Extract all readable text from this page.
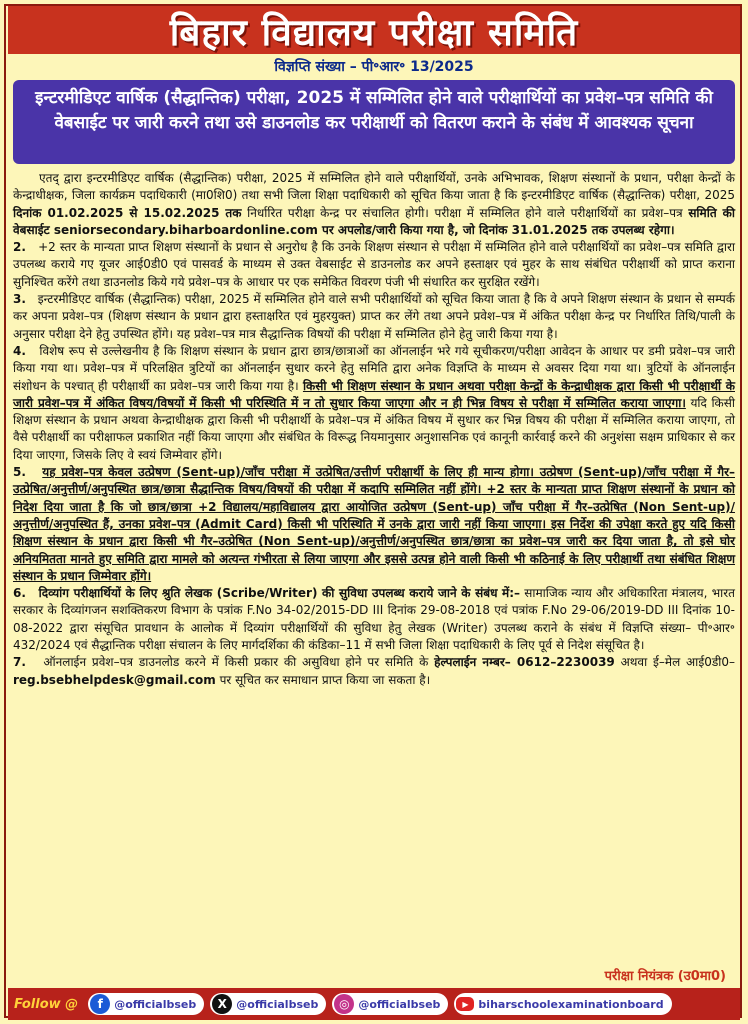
बिहार विद्यालय परीक्षा समिति
विज्ञप्ति संख्या – पी॰आर॰ 13/2025
इन्टरमीडिएट वार्षिक (सैद्धान्तिक) परीक्षा, 2025 में सम्मिलित होने वाले परीक्षार्थियों का प्रवेश–पत्र समिति की वेबसाईट पर जारी करने तथा उसे डाउनलोड कर परीक्षार्थी को वितरण कराने के संबंध में आवश्यक सूचना

एतद् द्वारा इन्टरमीडिएट वार्षिक (सैद्धान्तिक) परीक्षा, 2025 में सम्मिलित होने वाले परीक्षार्थियों, उनके अभिभावक, शिक्षण संस्थानों के प्रधान, परीक्षा केन्द्रों के केन्द्राधीक्षक, जिला कार्यक्रम पदाधिकारी (मा0शि0) तथा सभी जिला शिक्षा पदाधिकारी को सूचित किया जाता है कि इन्टरमीडिएट वार्षिक (सैद्धान्तिक) परीक्षा, 2025 दिनांक 01.02.2025 से 15.02.2025 तक निर्धारित परीक्षा केन्द्र पर संचालित होगी। परीक्षा में सम्मिलित होने वाले परीक्षार्थियों का प्रवेश–पत्र समिति की वेबसाईट seniorsecondary.biharboardonline.com पर अपलोड/जारी किया गया है, जो दिनांक 31.01.2025 तक उपलब्ध रहेगा।

2. +2 स्तर के मान्यता प्राप्त शिक्षण संस्थानों के प्रधान से अनुरोध है कि उनके शिक्षण संस्थान से परीक्षा में सम्मिलित होने वाले परीक्षार्थियों का प्रवेश–पत्र समिति द्वारा उपलब्ध कराये गए यूजर आई0डी0 एवं पासवर्ड के माध्यम से उक्त वेबसाईट से डाउनलोड कर अपने हस्ताक्षर एवं मुहर के साथ संबंधित परीक्षार्थी को प्राप्त कराना सुनिश्चित करेंगे तथा डाउनलोड किये गये प्रवेश–पत्र के आधार पर एक समेकित विवरण पंजी भी संधारित कर सुरक्षित रखेंगे।

3. इन्टरमीडिएट वार्षिक (सैद्धान्तिक) परीक्षा, 2025 में सम्मिलित होने वाले सभी परीक्षार्थियों को सूचित किया जाता है कि वे अपने शिक्षण संस्थान के प्रधान से सम्पर्क कर अपना प्रवेश–पत्र (शिक्षण संस्थान के प्रधान द्वारा हस्ताक्षरित एवं मुहरयुक्त) प्राप्त कर लेंगे तथा अपने प्रवेश–पत्र में अंकित परीक्षा केन्द्र पर निर्धारित तिथि/पाली के अनुसार परीक्षा देने हेतु उपस्थित होंगे। यह प्रवेश–पत्र मात्र सैद्धान्तिक विषयों की परीक्षा में सम्मिलित होने हेतु जारी किया गया है।

4. विशेष रूप से उल्लेखनीय है कि शिक्षण संस्थान के प्रधान द्वारा छात्र/छात्राओं का ऑनलाईन भरे गये सूचीकरण/परीक्षा आवेदन के आधार पर डमी प्रवेश–पत्र जारी किया गया था। प्रवेश–पत्र में परिलक्षित त्रुटियों का ऑनलाईन सुधार करने हेतु समिति द्वारा अनेक विज्ञप्ति के माध्यम से अवसर दिया गया था। त्रुटियों के ऑनलाईन संशोधन के पश्चात् ही परीक्षार्थी का प्रवेश–पत्र जारी किया गया है। किसी भी शिक्षण संस्थान के प्रधान अथवा परीक्षा केन्द्रों के केन्द्राधीक्षक द्वारा किसी भी परीक्षार्थी के जारी प्रवेश–पत्र में अंकित विषय/विषयों में किसी भी परिस्थिति में न तो सुधार किया जाएगा और न ही भिन्न विषय से परीक्षा में सम्मिलित कराया जाएगा। यदि किसी शिक्षण संस्थान के प्रधान अथवा केन्द्राधीक्षक द्वारा किसी भी परीक्षार्थी के प्रवेश–पत्र में अंकित विषय में सुधार कर भिन्न विषय की परीक्षा में सम्मिलित कराया जाएगा, तो वैसे परीक्षार्थी का परीक्षाफल प्रकाशित नहीं किया जाएगा और संबंधित के विरूद्ध नियमानुसार अनुशासनिक एवं कानूनी कार्रवाई करने की अनुशंसा सक्षम प्राधिकार से कर दिया जाएगा, जिसके लिए वे स्वयं जिम्मेवार होंगे।

5. यह प्रवेश–पत्र केवल उत्प्रेषण (Sent-up)/जाँच परीक्षा में उत्प्रेषित/उत्तीर्ण परीक्षार्थी के लिए ही मान्य होगा। उत्प्रेषण (Sent-up)/जाँच परीक्षा में गैर–उत्प्रेषित/अनुत्तीर्ण/अनुपस्थित छात्र/छात्रा सैद्धान्तिक विषय/विषयों की परीक्षा में कदापि सम्मिलित नहीं होंगे। +2 स्तर के मान्यता प्राप्त शिक्षण संस्थानों के प्रधान को निदेश दिया जाता है कि जो छात्र/छात्रा +2 विद्यालय/महाविद्यालय द्वारा आयोजित उत्प्रेषण (Sent-up) जाँच परीक्षा में गैर–उत्प्रेषित (Non Sent-up)/अनुत्तीर्ण/अनुपस्थित हैं, उनका प्रवेश–पत्र (Admit Card) किसी भी परिस्थिति में उनके द्वारा जारी नहीं किया जाएगा। इस निर्देश की उपेक्षा करते हुए यदि किसी शिक्षण संस्थान के प्रधान द्वारा किसी भी गैर–उत्प्रेषित (Non Sent-up)/अनुत्तीर्ण/अनुपस्थित छात्र/छात्रा का प्रवेश–पत्र जारी कर दिया जाता है, तो इसे घोर अनियमितता मानते हुए समिति द्वारा मामले को अत्यन्त गंभीरता से लिया जाएगा और इससे उत्पन्न होने वाली किसी भी कठिनाई के लिए परीक्षार्थी तथा संबंधित शिक्षण संस्थान के प्रधान जिम्मेवार होंगे।

6. दिव्यांग परीक्षार्थियों के लिए श्रुति लेखक (Scribe/Writer) की सुविधा उपलब्ध कराये जाने के संबंध में:– सामाजिक न्याय और अधिकारिता मंत्रालय, भारत सरकार के दिव्यांगजन सशक्तिकरण विभाग के पत्रांक F.No 34-02/2015-DD III दिनांक 29-08-2018 एवं पत्रांक F.No 29-06/2019-DD III दिनांक 10-08-2022 द्वारा संसूचित प्रावधान के आलोक में दिव्यांग परीक्षार्थियों की सुविधा हेतु लेखक (Writer) उपलब्ध कराने के संबंध में विज्ञप्ति संख्या– पी॰आर॰ 432/2024 एवं सैद्धान्तिक परीक्षा संचालन के लिए मार्गदर्शिका की कंडिका–11 में सभी जिला शिक्षा पदाधिकारी के लिए पूर्व से निदेश संसूचित है।

7. ऑनलाईन प्रवेश–पत्र डाउनलोड करने में किसी प्रकार की असुविधा होने पर समिति के हेल्पलाईन नम्बर– 0612–2230039 अथवा ई–मेल आई0डी0– reg.bsebhelpdesk@gmail.com पर सूचित कर समाधान प्राप्त किया जा सकता है।

परीक्षा नियंत्रक (उ0मा0)
Follow @	f	@officialbseb	X @officialbseb	◎ @officialbseb	▶ biharschoolexaminationboard
